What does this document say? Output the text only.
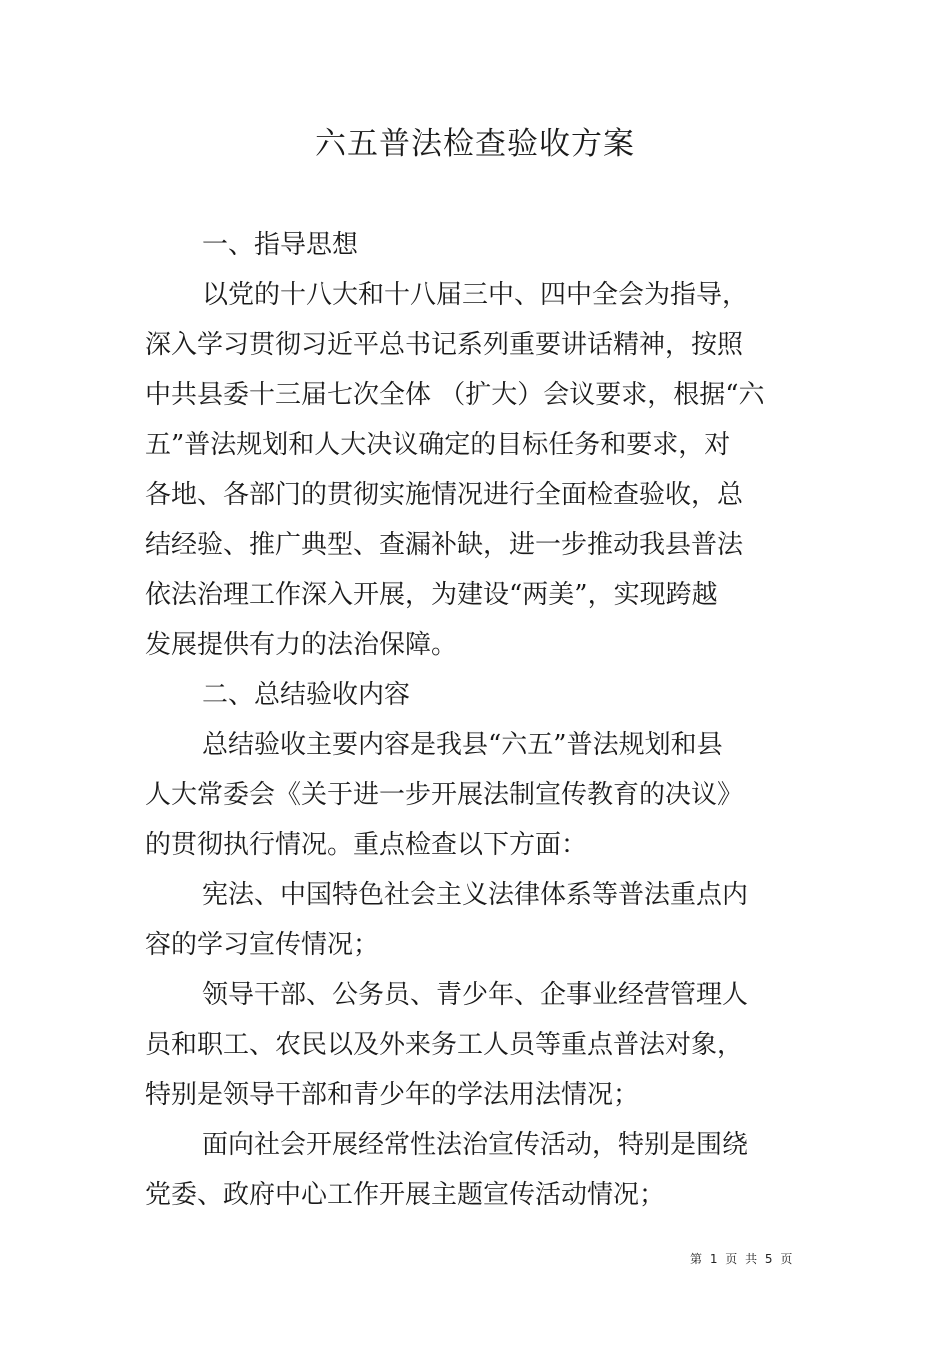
六五普法检查验收方案
一、指导思想
以党的十八大和十八届三中、四中全会为指导，
深入学习贯彻习近平总书记系列重要讲话精神，按照
中共县委十三届七次全体 （扩大）会议要求，根据“六
五”普法规划和人大决议确定的目标任务和要求，对
各地、各部门的贯彻实施情况进行全面检查验收，总
结经验、推广典型、查漏补缺，进一步推动我县普法
依法治理工作深入开展，为建设“两美”，实现跨越
发展提供有力的法治保障。
二、总结验收内容
总结验收主要内容是我县“六五”普法规划和县
人大常委会《关于进一步开展法制宣传教育的决议》
的贯彻执行情况。重点检查以下方面：
宪法、中国特色社会主义法律体系等普法重点内
容的学习宣传情况；
领导干部、公务员、青少年、企事业经营管理人
员和职工、农民以及外来务工人员等重点普法对象，
特别是领导干部和青少年的学法用法情况；
面向社会开展经常性法治宣传活动，特别是围绕
党委、政府中心工作开展主题宣传活动情况；
第 1 页 共 5 页
